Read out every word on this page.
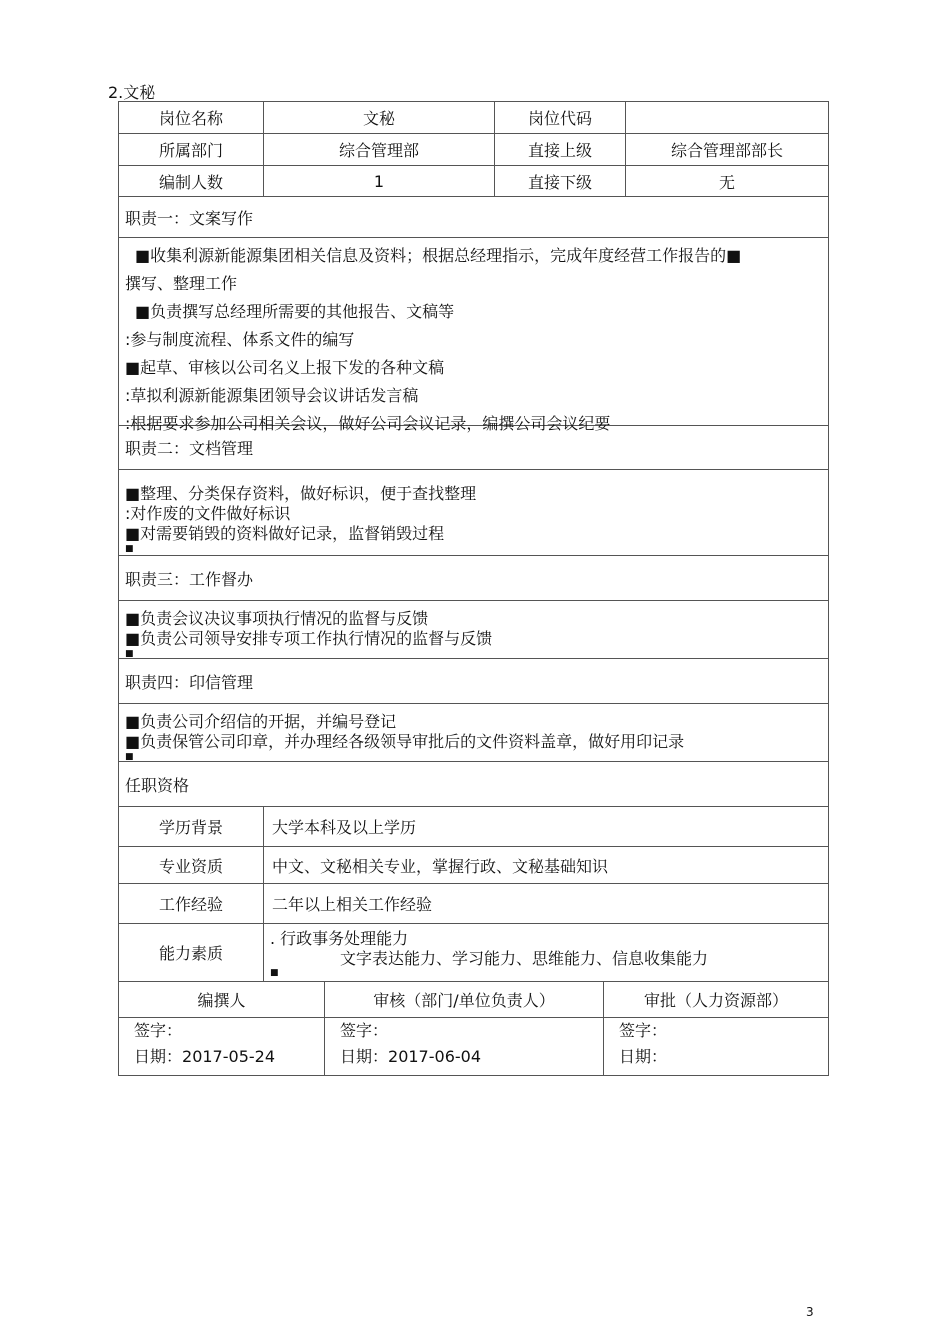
2.文秘
岗位名称	文秘	岗位代码
所属部门	综合管理部	直接上级	综合管理部部长
编制人数	1	直接下级	无
职责一：文案写作
■收集利源新能源集团相关信息及资料；根据总经理指示，完成年度经营工作报告的■
撰写、整理工作
■负责撰写总经理所需要的其他报告、文稿等
:参与制度流程、体系文件的编写
■起草、审核以公司名义上报下发的各种文稿
:草拟利源新能源集团领导会议讲话发言稿
:根据要求参加公司相关会议，做好公司会议记录，编撰公司会议纪要
职责二：文档管理
■整理、分类保存资料，做好标识，便于查找整理
:对作废的文件做好标识
■对需要销毁的资料做好记录，监督销毁过程
■
职责三：工作督办
■负责会议决议事项执行情况的监督与反馈
■负责公司领导安排专项工作执行情况的监督与反馈
■
职责四：印信管理
■负责公司介绍信的开据，并编号登记
■负责保管公司印章，并办理经各级领导审批后的文件资料盖章，做好用印记录
■
任职资格
学历背景	大学本科及以上学历
专业资质	中文、文秘相关专业，掌握行政、文秘基础知识
工作经验	二年以上相关工作经验
能力素质
. 行政事务处理能力
文字表达能力、学习能力、思维能力、信息收集能力
■
编撰人	审核（部门/单位负责人）	审批（人力资源部）
签字：
日期：2017-05-24
签字：
日期：2017-06-04
签字：
日期：
3
